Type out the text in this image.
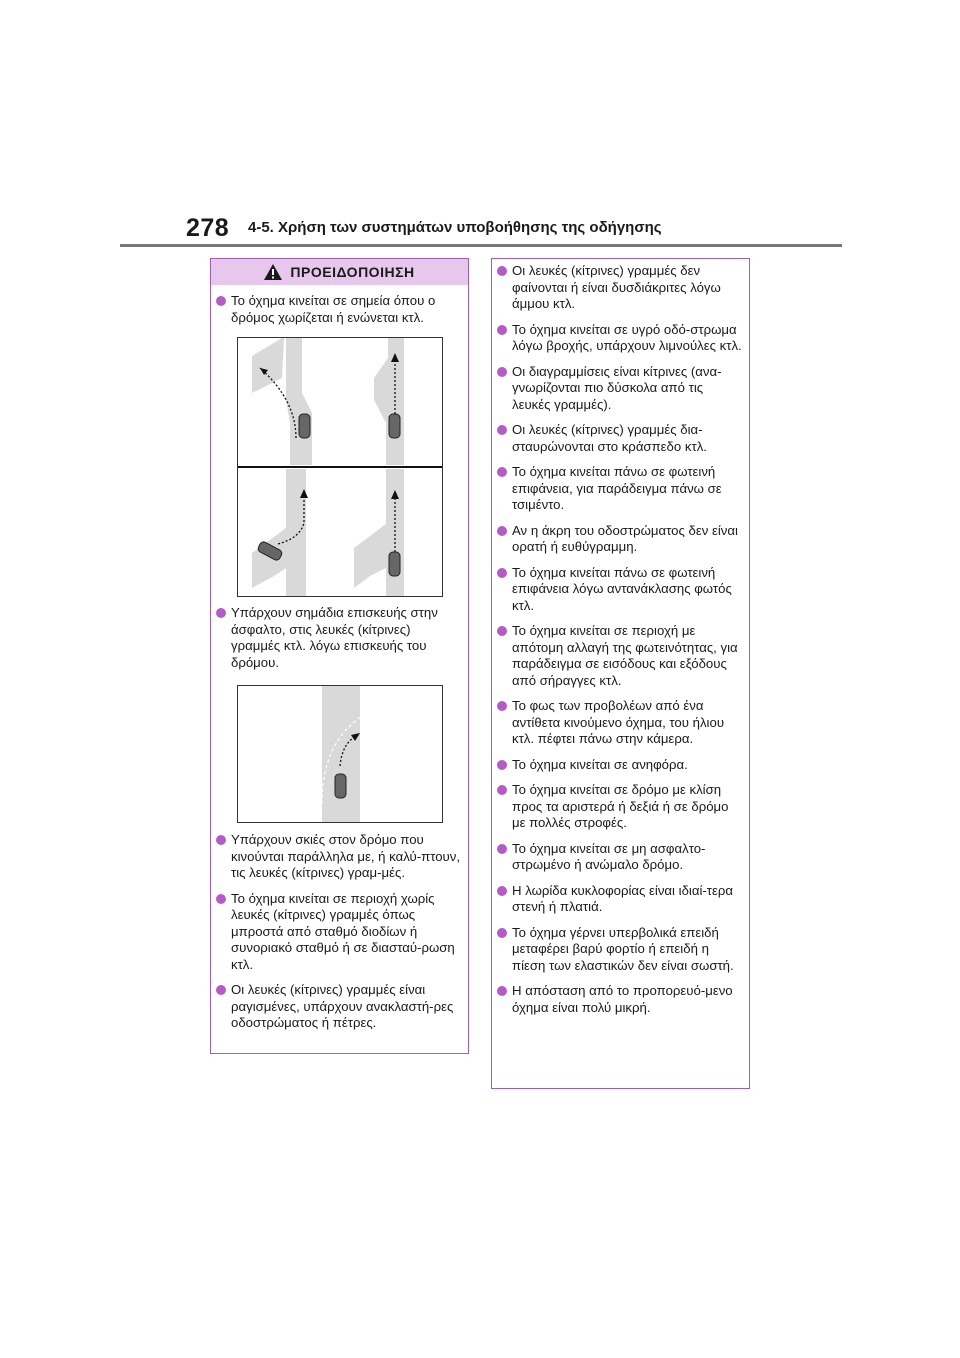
278 4-5. Χρήση των συστημάτων υποβοήθησης της οδήγησης
ΠΡΟΕΙΔΟΠΟΙΗΣΗ
Το όχημα κινείται σε σημεία όπου ο δρόμος χωρίζεται ή ενώνεται κτλ.
Υπάρχουν σημάδια επισκευής στην άσφαλτο, στις λευκές (κίτρινες) γραμμές κτλ. λόγω επισκευής του δρόμου.
Υπάρχουν σκιές στον δρόμο που κινούνται παράλληλα με, ή καλύ-πτουν, τις λευκές (κίτρινες) γραμ-μές.
Το όχημα κινείται σε περιοχή χωρίς λευκές (κίτρινες) γραμμές όπως μπροστά από σταθμό διοδίων ή συνοριακό σταθμό ή σε διασταύ-ρωση κτλ.
Οι λευκές (κίτρινες) γραμμές είναι ραγισμένες, υπάρχουν ανακλαστή-ρες οδοστρώματος ή πέτρες.
Οι λευκές (κίτρινες) γραμμές δεν φαίνονται ή είναι δυσδιάκριτες λόγω άμμου κτλ.
Το όχημα κινείται σε υγρό οδό-στρωμα λόγω βροχής, υπάρχουν λιμνούλες κτλ.
Οι διαγραμμίσεις είναι κίτρινες (ανα-γνωρίζονται πιο δύσκολα από τις λευκές γραμμές).
Οι λευκές (κίτρινες) γραμμές δια-σταυρώνονται στο κράσπεδο κτλ.
Το όχημα κινείται πάνω σε φωτεινή επιφάνεια, για παράδειγμα πάνω σε τσιμέντο.
Αν η άκρη του οδοστρώματος δεν είναι ορατή ή ευθύγραμμη.
Το όχημα κινείται πάνω σε φωτεινή επιφάνεια λόγω αντανάκλασης φωτός κτλ.
Το όχημα κινείται σε περιοχή με απότομη αλλαγή της φωτεινότητας, για παράδειγμα σε εισόδους και εξόδους από σήραγγες κτλ.
Το φως των προβολέων από ένα αντίθετα κινούμενο όχημα, του ήλιου κτλ. πέφτει πάνω στην κάμερα.
Το όχημα κινείται σε ανηφόρα.
Το όχημα κινείται σε δρόμο με κλίση προς τα αριστερά ή δεξιά ή σε δρόμο με πολλές στροφές.
Το όχημα κινείται σε μη ασφαλτο-στρωμένο ή ανώμαλο δρόμο.
Η λωρίδα κυκλοφορίας είναι ιδιαί-τερα στενή ή πλατιά.
Το όχημα γέρνει υπερβολικά επειδή μεταφέρει βαρύ φορτίο ή επειδή η πίεση των ελαστικών δεν είναι σωστή.
Η απόσταση από το προπορευό-μενο όχημα είναι πολύ μικρή.
